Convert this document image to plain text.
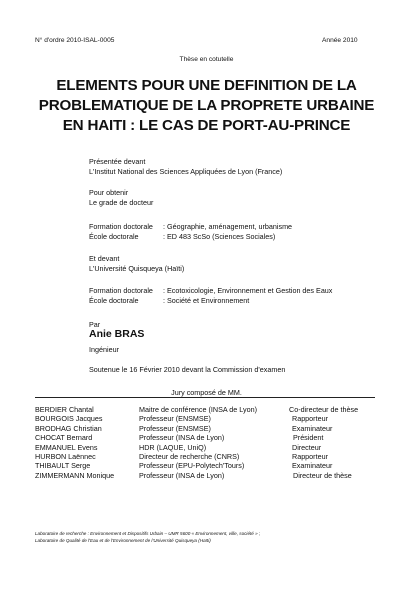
N° d'ordre 2010-ISAL-0005	Année 2010
Thèse en cotutelle
ELEMENTS POUR UNE DEFINITION DE LA
PROBLEMATIQUE DE LA PROPRETE URBAINE
EN HAITI : LE CAS DE PORT-AU-PRINCE
Présentée devant
L'Institut National des Sciences Appliquées de Lyon (France)
Pour obtenir
Le grade de docteur
Formation doctorale : Géographie, aménagement, urbanisme
École doctorale	: ED 483 ScSo (Sciences Sociales)
Et devant
L'Université Quisqueya (Haïti)
Formation doctorale : Ecotoxicologie, Environnement et Gestion des Eaux
École doctorale	: Société et Environnement
Par
Anie BRAS
Ingénieur
Soutenue le 16 Février 2010 devant la Commission d'examen
Jury composé de MM.
BERDIER Chantal	Maitre de conférence (INSA de Lyon)	Co-directeur de thèse
BOURGOIS Jacques	Professeur (ENSMSE)	Rapporteur
BRODHAG Christian	Professeur (ENSMSE)	Examinateur
CHOCAT Bernard	Professeur (INSA de Lyon)	Président
EMMANUEL Evens	HDR (LAQUE, UniQ)	Directeur
HURBON Laënnec	Directeur de recherche (CNRS)	Rapporteur
THIBAULT Serge	Professeur (EPU-Polytech'Tours)	Examinateur
ZIMMERMANN Monique	Professeur (INSA de Lyon)	Directeur de thèse
Laboratoire de recherche : Environnement et Dispositifs Urbain – UMR 5600 « Environnement, ville, société » ;
Laboratoire de Qualité de l'Eau et de l'Environnement de l'Université Quisqueya (Haïti)
